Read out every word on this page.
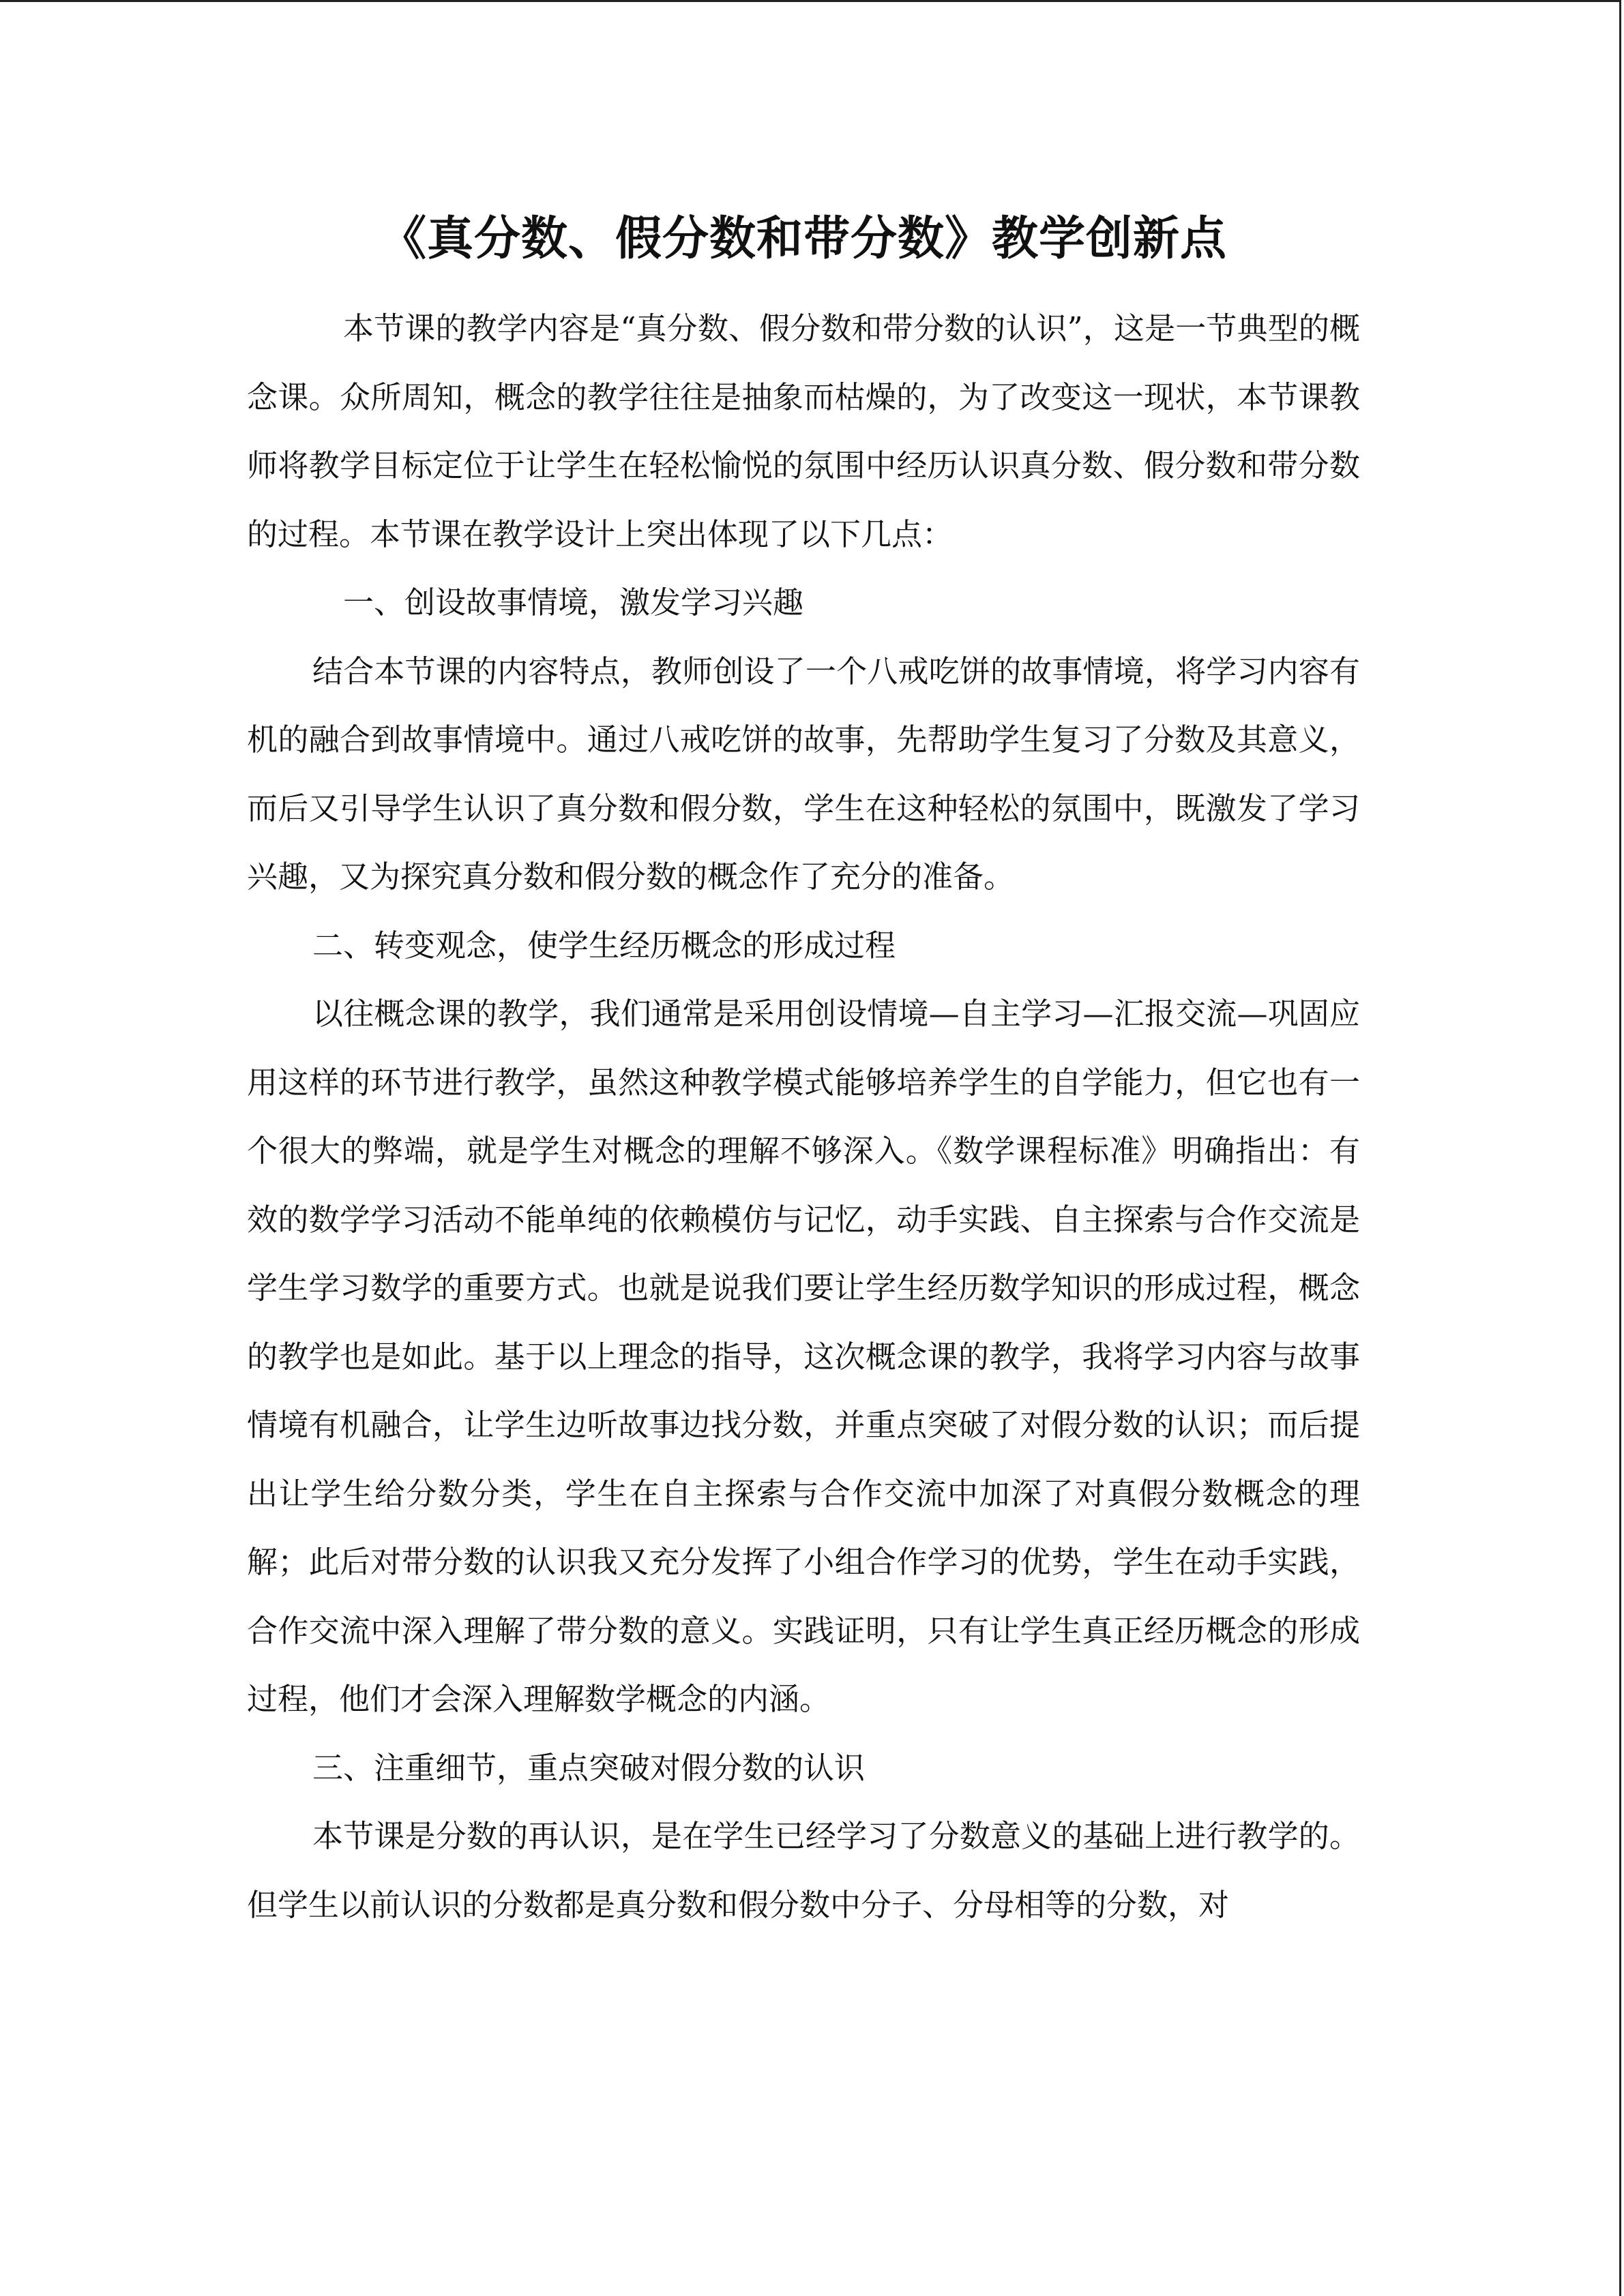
《真分数、假分数和带分数》教学创新点

本节课的教学内容是“真分数、假分数和带分数的认识”，这是一节典型的概念课。众所周知，概念的教学往往是抽象而枯燥的，为了改变这一现状，本节课教师将教学目标定位于让学生在轻松愉悦的氛围中经历认识真分数、假分数和带分数的过程。本节课在教学设计上突出体现了以下几点：

一、创设故事情境，激发学习兴趣

结合本节课的内容特点，教师创设了一个八戒吃饼的故事情境，将学习内容有机的融合到故事情境中。通过八戒吃饼的故事，先帮助学生复习了分数及其意义，而后又引导学生认识了真分数和假分数，学生在这种轻松的氛围中，既激发了学习兴趣，又为探究真分数和假分数的概念作了充分的准备。

二、转变观念，使学生经历概念的形成过程

以往概念课的教学，我们通常是采用创设情境—自主学习—汇报交流—巩固应用这样的环节进行教学，虽然这种教学模式能够培养学生的自学能力，但它也有一个很大的弊端，就是学生对概念的理解不够深入。《数学课程标准》明确指出：有效的数学学习活动不能单纯的依赖模仿与记忆，动手实践、自主探索与合作交流是学生学习数学的重要方式。也就是说我们要让学生经历数学知识的形成过程，概念的教学也是如此。基于以上理念的指导，这次概念课的教学，我将学习内容与故事情境有机融合，让学生边听故事边找分数，并重点突破了对假分数的认识；而后提出让学生给分数分类，学生在自主探索与合作交流中加深了对真假分数概念的理解；此后对带分数的认识我又充分发挥了小组合作学习的优势，学生在动手实践，合作交流中深入理解了带分数的意义。实践证明，只有让学生真正经历概念的形成过程，他们才会深入理解数学概念的内涵。

三、注重细节，重点突破对假分数的认识

本节课是分数的再认识，是在学生已经学习了分数意义的基础上进行教学的。但学生以前认识的分数都是真分数和假分数中分子、分母相等的分数，对
